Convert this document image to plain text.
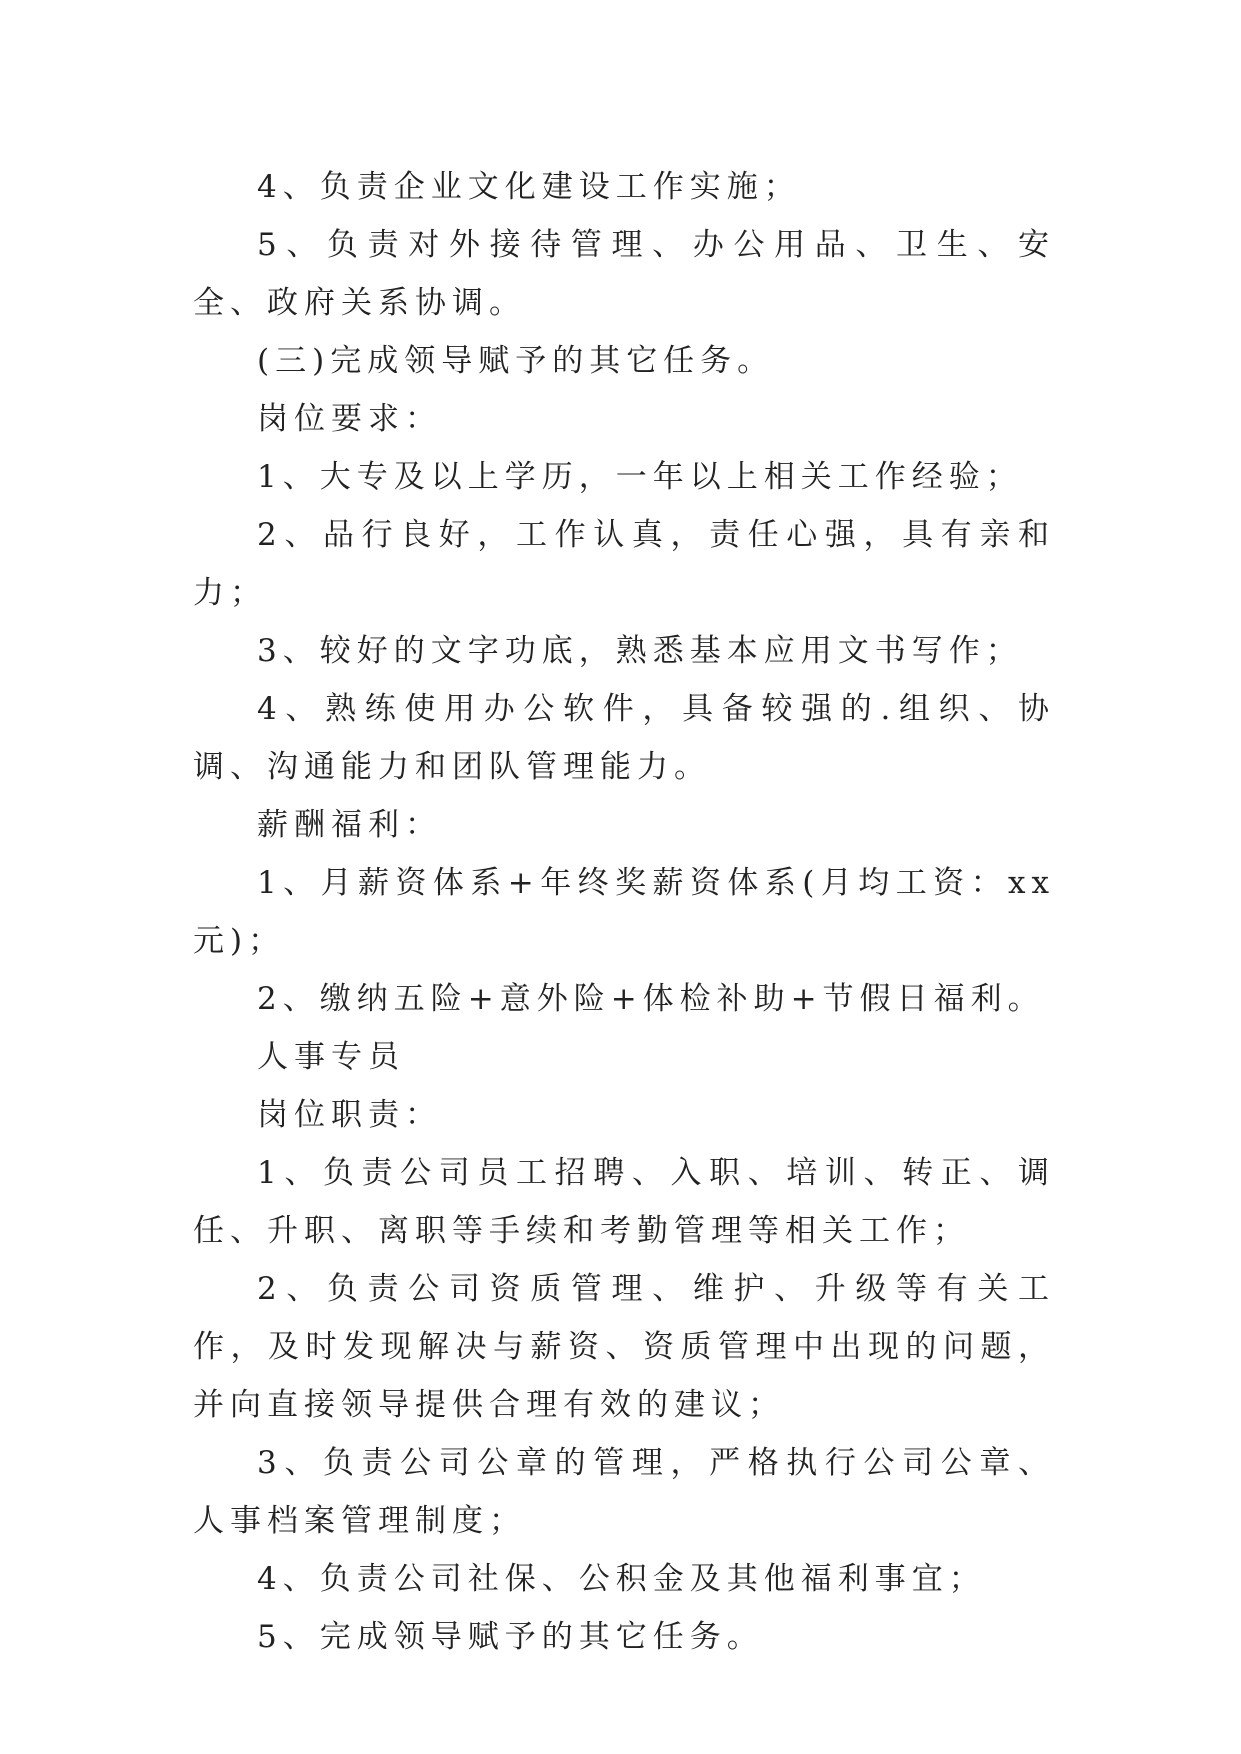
4、负责企业文化建设工作实施；

5、负责对外接待管理、办公用品、卫生、安全、政府关系协调。

(三)完成领导赋予的其它任务。

岗位要求：

1、大专及以上学历，一年以上相关工作经验；

2、品行良好，工作认真，责任心强，具有亲和力；

3、较好的文字功底，熟悉基本应用文书写作；

4、熟练使用办公软件，具备较强的.组织、协调、沟通能力和团队管理能力。

薪酬福利：

1、月薪资体系+年终奖薪资体系(月均工资：xx 元)；

2、缴纳五险+意外险+体检补助+节假日福利。

人事专员

岗位职责：

1、负责公司员工招聘、入职、培训、转正、调任、升职、离职等手续和考勤管理等相关工作；

2、负责公司资质管理、维护、升级等有关工作，及时发现解决与薪资、资质管理中出现的问题，并向直接领导提供合理有效的建议；

3、负责公司公章的管理，严格执行公司公章、人事档案管理制度；

4、负责公司社保、公积金及其他福利事宜；

5、完成领导赋予的其它任务。
